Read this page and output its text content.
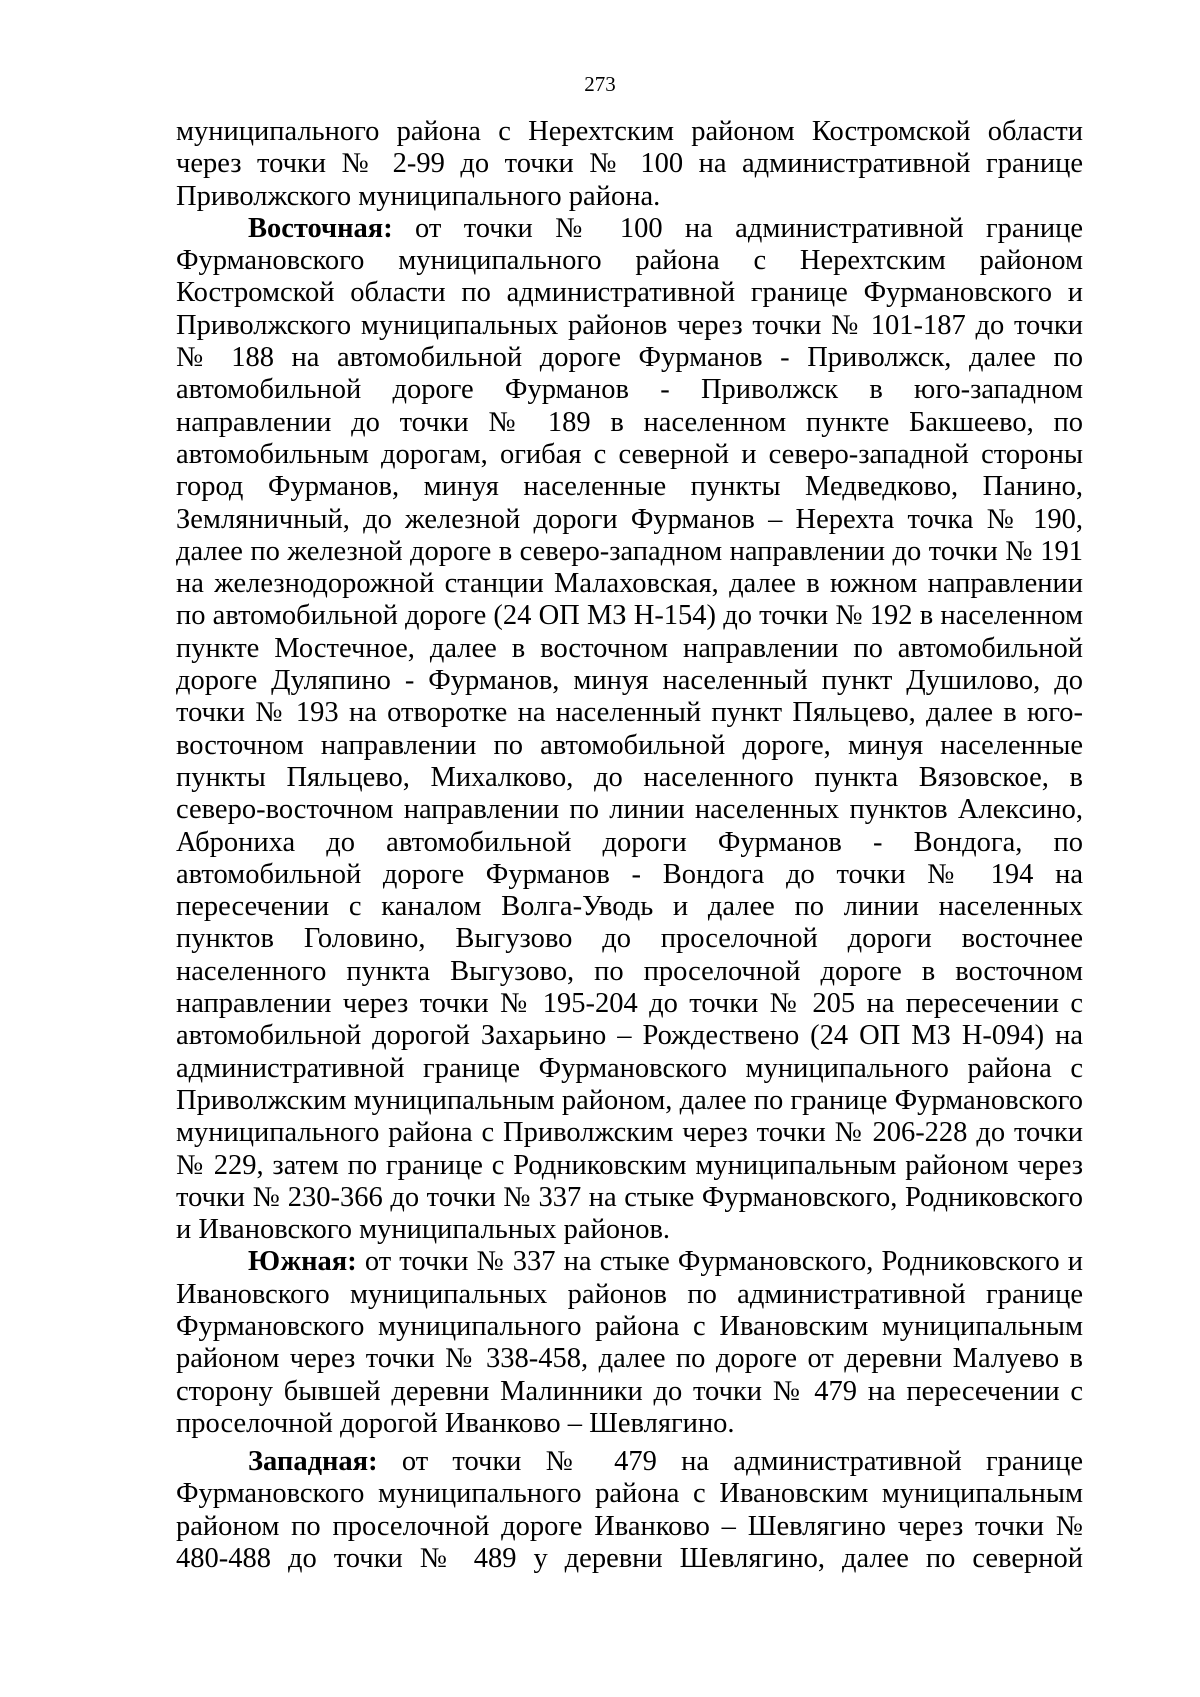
273

муниципального района с Нерехтским районом Костромской области через точки № 2-99 до точки № 100 на административной границе Приволжского муниципального района.

Восточная: от точки № 100 на административной границе Фурмановского муниципального района с Нерехтским районом Костромской области по административной границе Фурмановского и Приволжского муниципальных районов через точки № 101-187 до точки № 188 на автомобильной дороге Фурманов - Приволжск, далее по автомобильной дороге Фурманов - Приволжск в юго-западном направлении до точки № 189 в населенном пункте Бакшеево, по автомобильным дорогам, огибая с северной и северо-западной стороны город Фурманов, минуя населенные пункты Медведково, Панино, Земляничный, до железной дороги Фурманов – Нерехта точка № 190, далее по железной дороге в северо-западном направлении до точки № 191 на железнодорожной станции Малаховская, далее в южном направлении по автомобильной дороге (24 ОП МЗ Н-154) до точки № 192 в населенном пункте Мостечное, далее в восточном направлении по автомобильной дороге Дуляпино - Фурманов, минуя населенный пункт Душилово, до точки № 193 на отворотке на населенный пункт Пяльцево, далее в юго-восточном направлении по автомобильной дороге, минуя населенные пункты Пяльцево, Михалково, до населенного пункта Вязовское, в северо-восточном направлении по линии населенных пунктов Алексино, Аброниха до автомобильной дороги Фурманов - Вондога, по автомобильной дороге Фурманов - Вондога до точки № 194 на пересечении с каналом Волга-Уводь и далее по линии населенных пунктов Головино, Выгузово до проселочной дороги восточнее населенного пункта Выгузово, по проселочной дороге в восточном направлении через точки № 195-204 до точки № 205 на пересечении с автомобильной дорогой Захарьино – Рождествено (24 ОП МЗ Н-094) на административной границе Фурмановского муниципального района с Приволжским муниципальным районом, далее по границе Фурмановского муниципального района с Приволжским через точки № 206-228 до точки № 229, затем по границе с Родниковским муниципальным районом через точки № 230-366 до точки № 337 на стыке Фурмановского, Родниковского и Ивановского муниципальных районов.

Южная: от точки № 337 на стыке Фурмановского, Родниковского и Ивановского муниципальных районов по административной границе Фурмановского муниципального района с Ивановским муниципальным районом через точки № 338-458, далее по дороге от деревни Малуево в сторону бывшей деревни Малинники до точки № 479 на пересечении с проселочной дорогой Иванково – Шевлягино.

Западная: от точки № 479 на административной границе Фурмановского муниципального района с Ивановским муниципальным районом по проселочной дороге Иванково – Шевлягино через точки № 480-488 до точки № 489 у деревни Шевлягино, далее по северной
